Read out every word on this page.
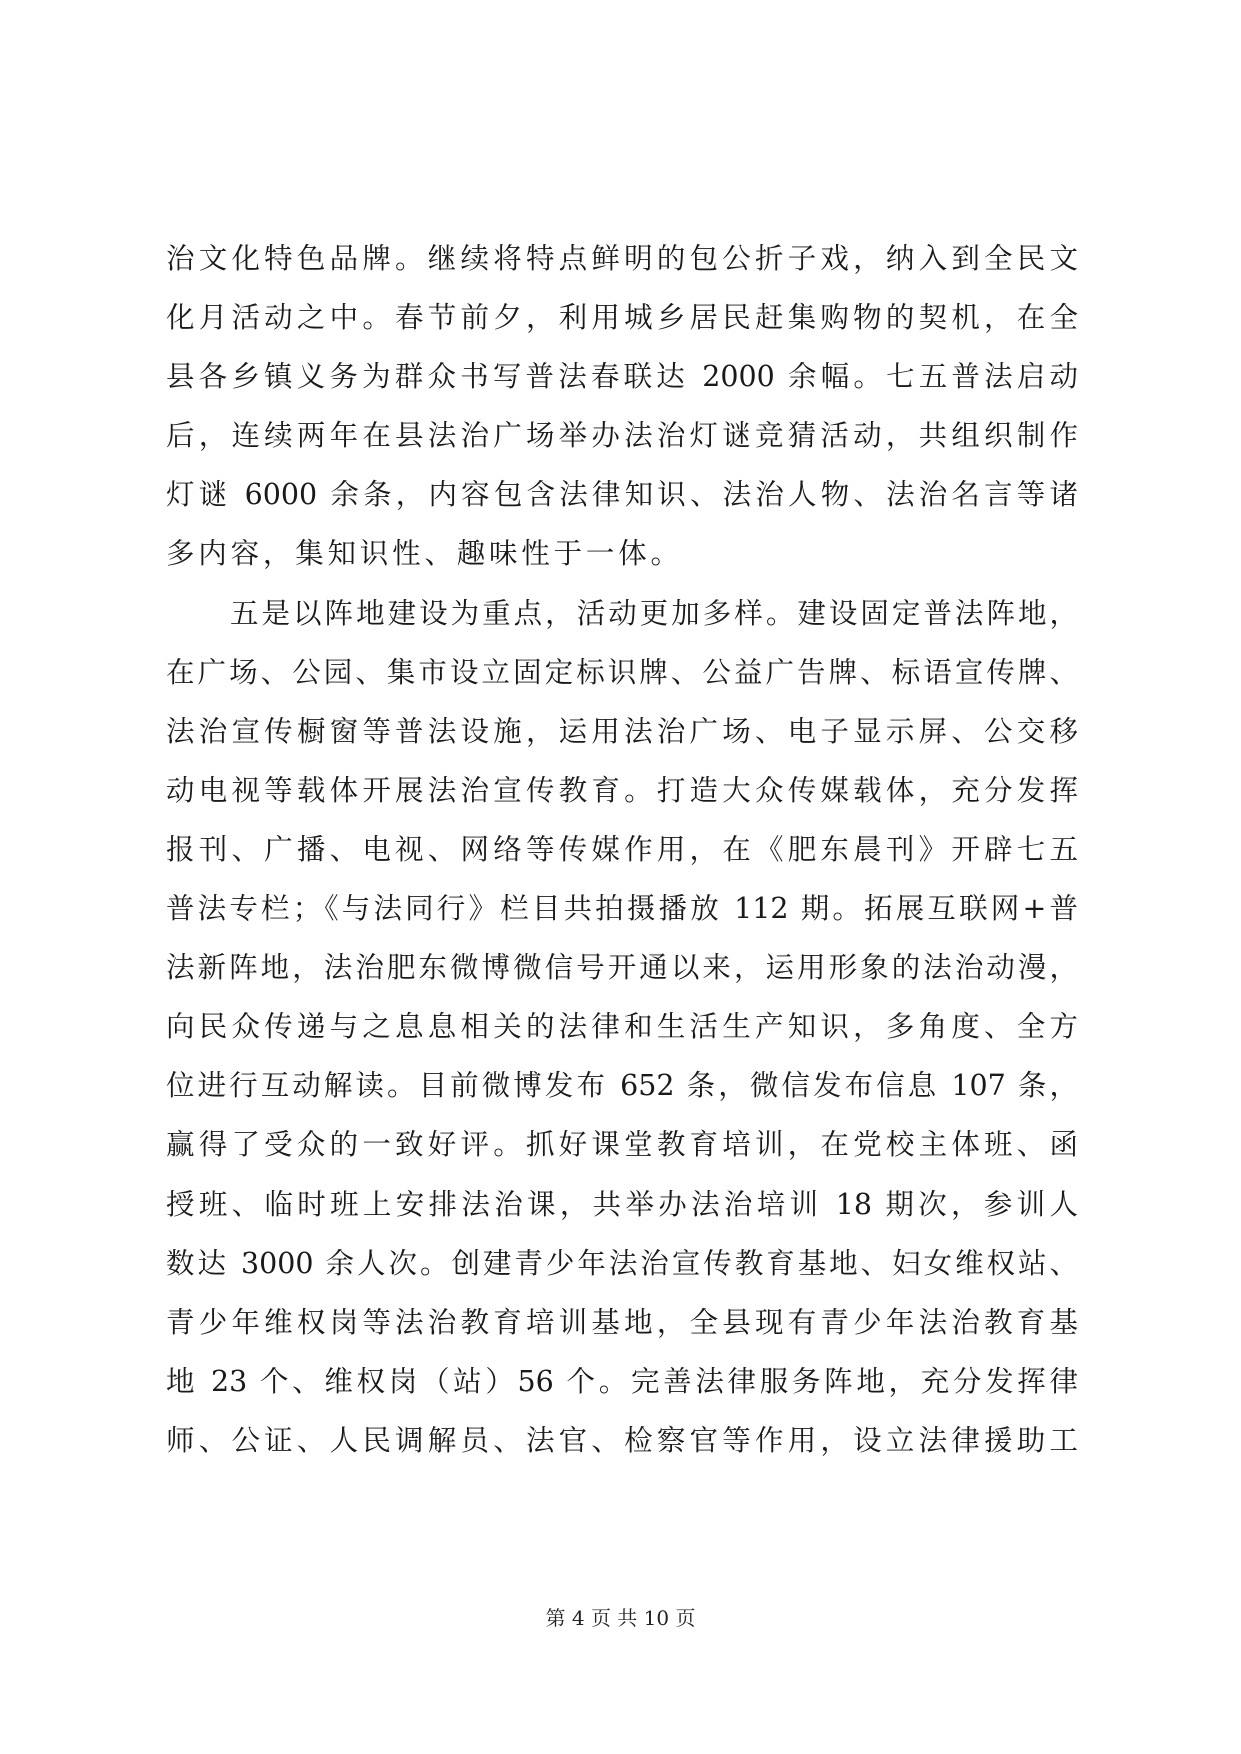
治文化特色品牌。继续将特点鲜明的包公折子戏，纳入到全民文
化月活动之中。春节前夕，利用城乡居民赶集购物的契机，在全
县各乡镇义务为群众书写普法春联达 2000 余幅。七五普法启动
后，连续两年在县法治广场举办法治灯谜竞猜活动，共组织制作
灯谜 6000 余条，内容包含法律知识、法治人物、法治名言等诸
多内容，集知识性、趣味性于一体。
五是以阵地建设为重点，活动更加多样。建设固定普法阵地，
在广场、公园、集市设立固定标识牌、公益广告牌、标语宣传牌、
法治宣传橱窗等普法设施，运用法治广场、电子显示屏、公交移
动电视等载体开展法治宣传教育。打造大众传媒载体，充分发挥
报刊、广播、电视、网络等传媒作用，在《肥东晨刊》开辟七五
普法专栏；《与法同行》栏目共拍摄播放 112 期。拓展互联网+普
法新阵地，法治肥东微博微信号开通以来，运用形象的法治动漫，
向民众传递与之息息相关的法律和生活生产知识，多角度、全方
位进行互动解读。目前微博发布 652 条，微信发布信息 107 条，
赢得了受众的一致好评。抓好课堂教育培训，在党校主体班、函
授班、临时班上安排法治课，共举办法治培训 18 期次，参训人
数达 3000 余人次。创建青少年法治宣传教育基地、妇女维权站、
青少年维权岗等法治教育培训基地，全县现有青少年法治教育基
地 23 个、维权岗（站）56 个。完善法律服务阵地，充分发挥律
师、公证、人民调解员、法官、检察官等作用，设立法律援助工
第 4 页 共 10 页
